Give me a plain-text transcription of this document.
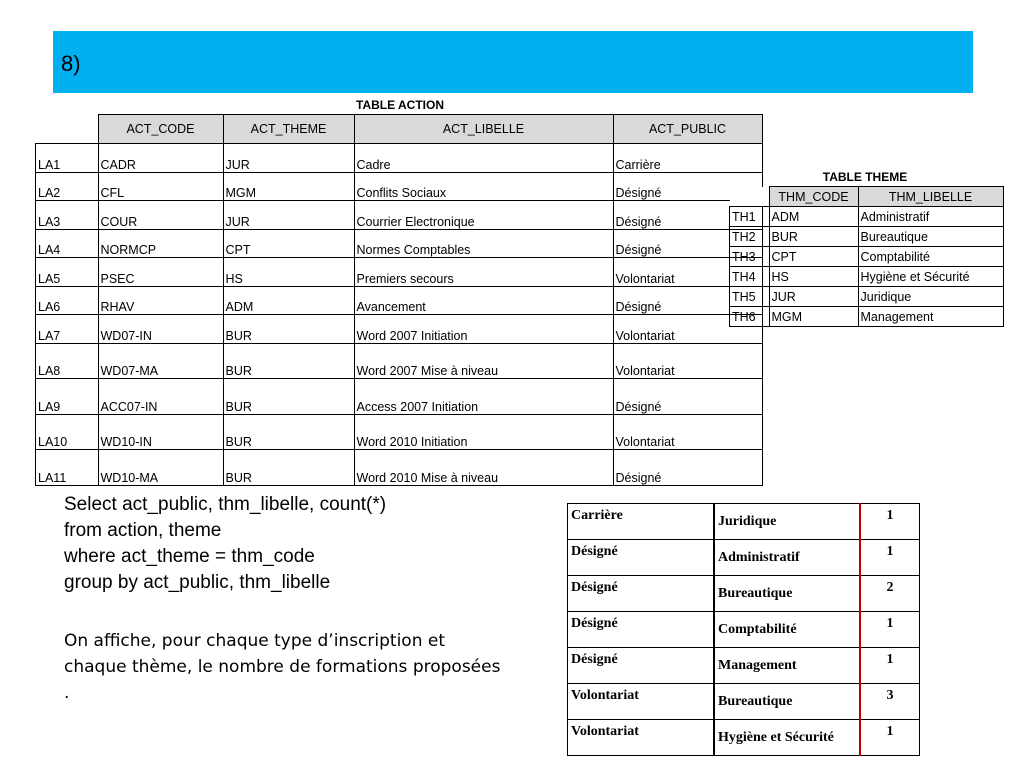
8)
TABLE ACTION
	ACT_CODE	ACT_THEME	ACT_LIBELLE	ACT_PUBLIC
LA1	CADR	JUR	Cadre	Carrière
LA2	CFL	MGM	Conflits Sociaux	Désigné
LA3	COUR	JUR	Courrier Electronique	Désigné
LA4	NORMCP	CPT	Normes Comptables	Désigné
LA5	PSEC	HS	Premiers secours	Volontariat
LA6	RHAV	ADM	Avancement	Désigné
LA7	WD07-IN	BUR	Word 2007 Initiation	Volontariat
LA8	WD07-MA	BUR	Word 2007 Mise à niveau	Volontariat
LA9	ACC07-IN	BUR	Access 2007 Initiation	Désigné
LA10	WD10-IN	BUR	Word 2010 Initiation	Volontariat
LA11	WD10-MA	BUR	Word 2010 Mise à niveau	Désigné
TABLE THEME
	THM_CODE	THM_LIBELLE
TH1	ADM	Administratif
TH2	BUR	Bureautique
TH3	CPT	Comptabilité
TH4	HS	Hygiène et Sécurité
TH5	JUR	Juridique
TH6	MGM	Management
Select act_public, thm_libelle, count(*)
from action, theme
where act_theme = thm_code
group by act_public, thm_libelle
On affiche, pour chaque type d’inscription et chaque thème, le nombre de formations proposées .
Carrière	Juridique	1
Désigné	Administratif	1
Désigné	Bureautique	2
Désigné	Comptabilité	1
Désigné	Management	1
Volontariat	Bureautique	3
Volontariat	Hygiène et Sécurité	1
